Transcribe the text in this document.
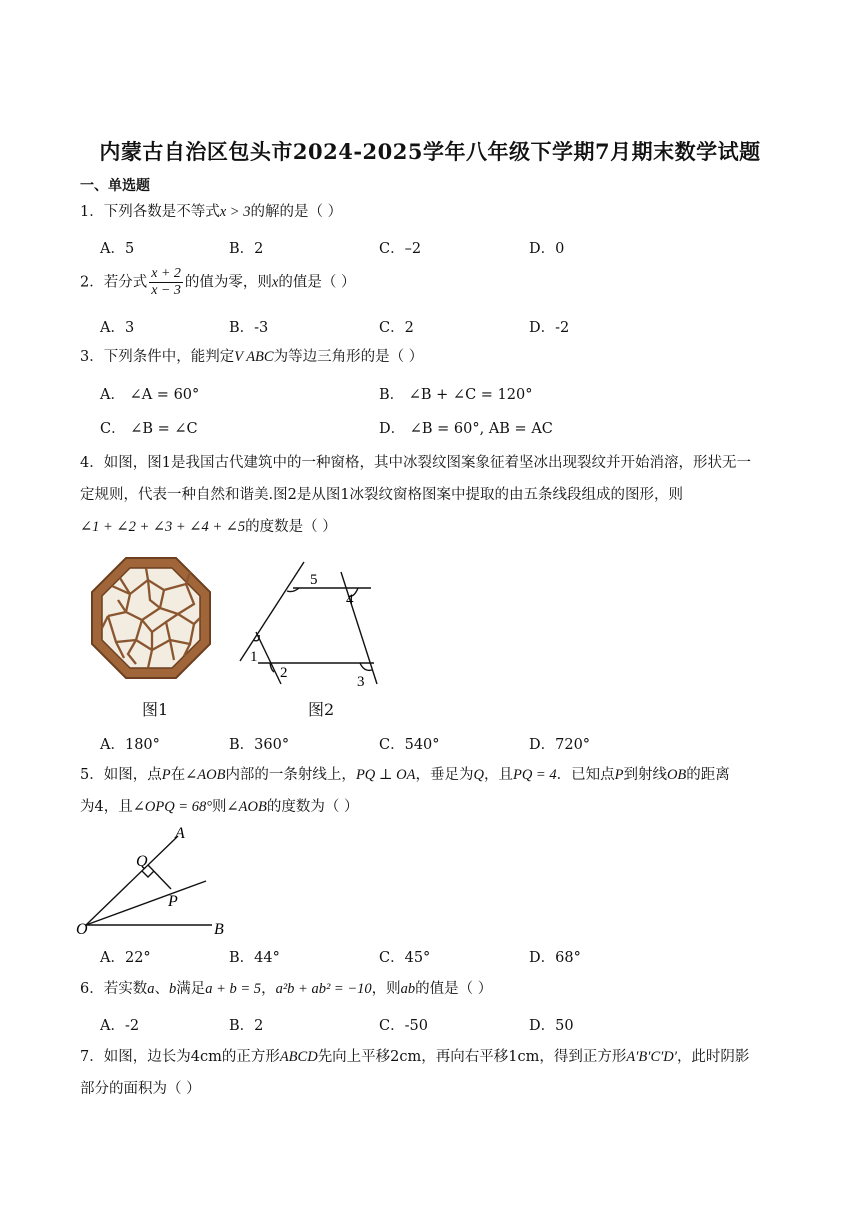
内蒙古自治区包头市2024-2025学年八年级下学期7月期末数学试题
一、单选题
1．下列各数是不等式x > 3的解的是（ ）
A．5	B．2	C．–2	D．0
2．若分式 $\frac{x + 2}{x - 3}$ 的值为零，则x的值是（ ）
A．3	B．-3	C．2	D．-2
3．下列条件中，能判定V ABC为等边三角形的是（ ）
A． ∠A = 60°	B． ∠B + ∠C = 120°
C． ∠B = ∠C	D． ∠B = 60°, AB = AC
4．如图，图1是我国古代建筑中的一种窗格，其中冰裂纹图案象征着坚冰出现裂纹并开始消溶，形状无一
定规则，代表一种自然和谐美.图2是从图1冰裂纹窗格图案中提取的由五条线段组成的图形，则
∠1 + ∠2 + ∠3 + ∠4 + ∠5的度数是（ ）
图1
5
4
1
2
3
图2
A．180°	B．360°	C．540°	D．720°
5．如图，点P在∠AOB内部的一条射线上，PQ ⊥ OA，垂足为Q，且PQ = 4．已知点P到射线OB的距离
为4，且∠OPQ = 68°则∠AOB的度数为（ ）
A
Q
P
O	B
A．22°	B．44°	C．45°	D．68°
6．若实数a、b满足a + b = 5，a²b + ab² = −10，则ab的值是（ ）
A．-2	B．2	C．-50	D．50
7．如图，边长为4cm的正方形ABCD先向上平移2cm，再向右平移1cm，得到正方形A′B′C′D′，此时阴影
部分的面积为（ ）
